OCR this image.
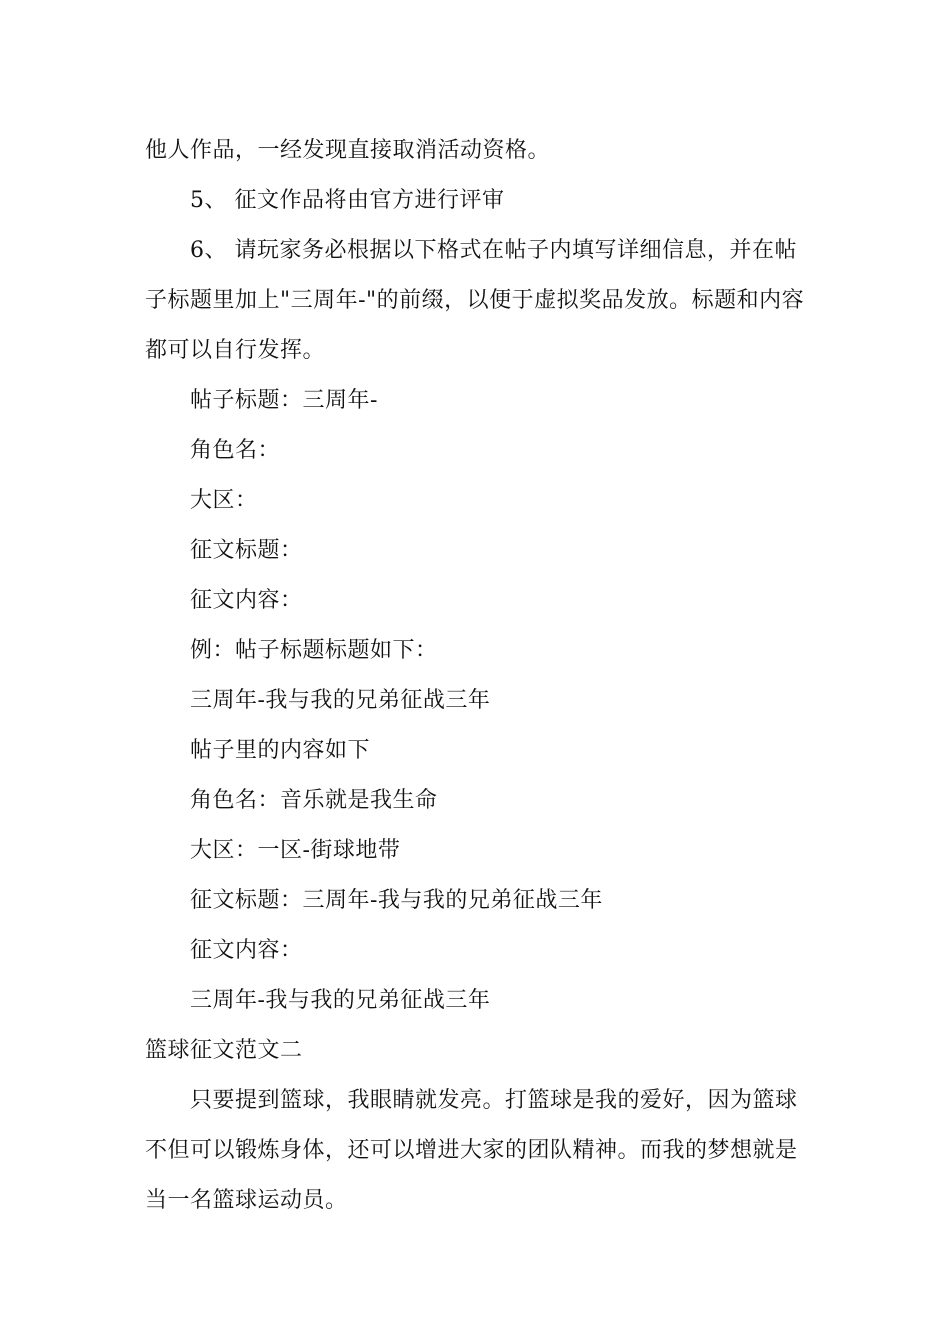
他人作品，一经发现直接取消活动资格。
5、 征文作品将由官方进行评审
6、 请玩家务必根据以下格式在帖子内填写详细信息，并在帖
子标题里加上"三周年-"的前缀，以便于虚拟奖品发放。标题和内容
都可以自行发挥。
帖子标题：三周年-
角色名：
大区：
征文标题：
征文内容：
例：帖子标题标题如下：
三周年-我与我的兄弟征战三年
帖子里的内容如下
角色名：音乐就是我生命
大区：一区-街球地带
征文标题：三周年-我与我的兄弟征战三年
征文内容：
三周年-我与我的兄弟征战三年
篮球征文范文二
只要提到篮球，我眼睛就发亮。打篮球是我的爱好，因为篮球
不但可以锻炼身体，还可以增进大家的团队精神。而我的梦想就是
当一名篮球运动员。
